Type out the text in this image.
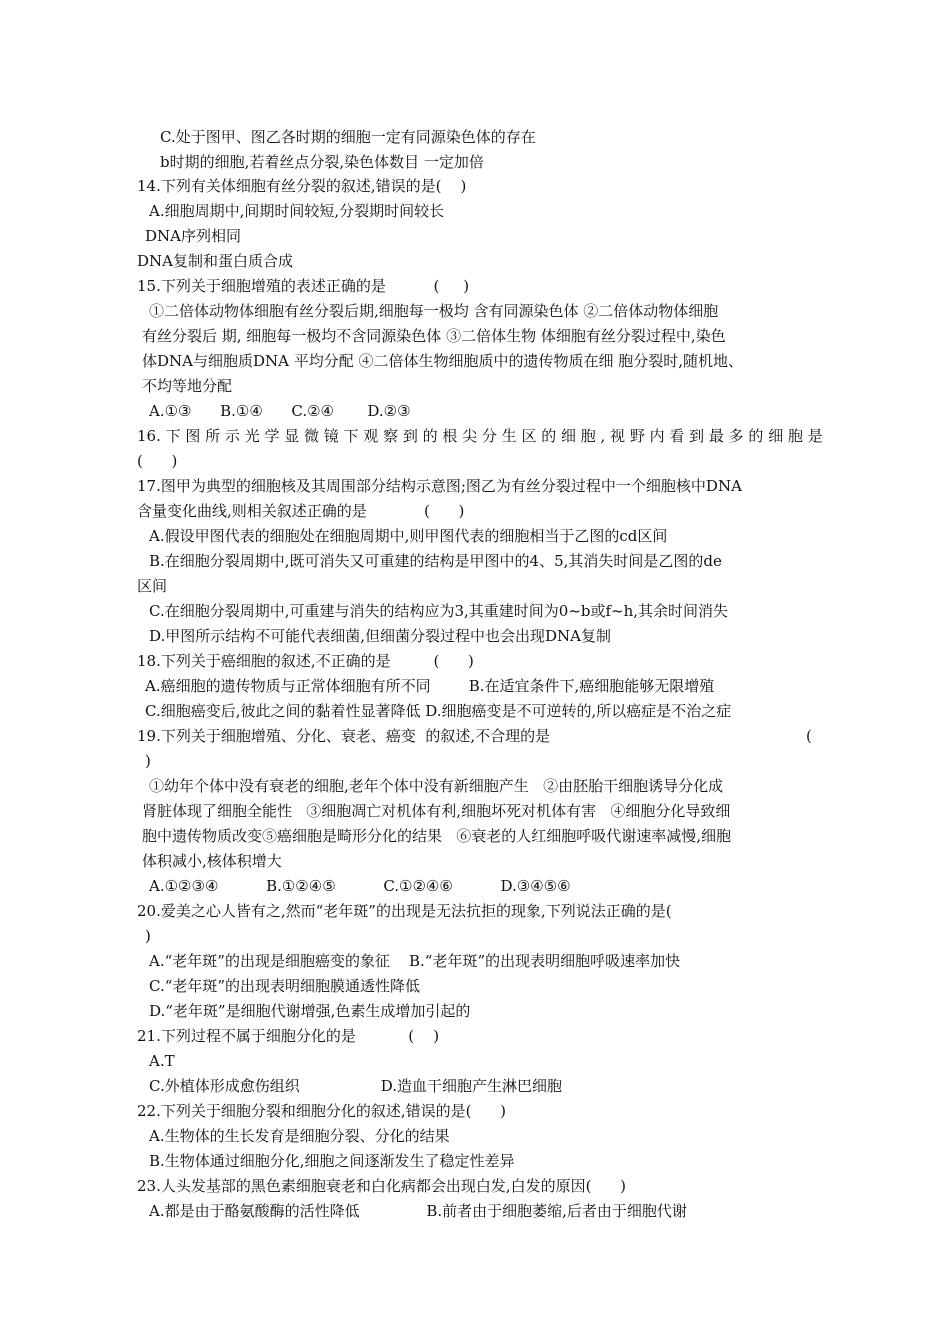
C.处于图甲、图乙各时期的细胞一定有同源染色体的存在
b时期的细胞,若着丝点分裂,染色体数目 一定加倍
14.下列有关体细胞有丝分裂的叙述,错误的是(    )
A.细胞周期中,间期时间较短,分裂期时间较长
DNA序列相同
DNA复制和蛋白质合成
15.下列关于细胞增殖的表述正确的是          (     )
①二倍体动物体细胞有丝分裂后期,细胞每一极均 含有同源染色体 ②二倍体动物体细胞
有丝分裂后 期, 细胞每一极均不含同源染色体 ③二倍体生物 体细胞有丝分裂过程中,染色
体DNA与细胞质DNA 平均分配 ④二倍体生物细胞质中的遗传物质在细 胞分裂时,随机地、
不均等地分配
A.①③      B.①④      C.②④       D.②③
16. 下 图 所 示 光 学 显 微 镜 下 观 察 到 的 根 尖 分 生 区 的 细 胞 , 视 野 内 看 到 最 多 的 细 胞 是
(      )
17.图甲为典型的细胞核及其周围部分结构示意图;图乙为有丝分裂过程中一个细胞核中DNA
含量变化曲线,则相关叙述正确的是            (      )
A.假设甲图代表的细胞处在细胞周期中,则甲图代表的细胞相当于乙图的cd区间
B.在细胞分裂周期中,既可消失又可重建的结构是甲图中的4、5,其消失时间是乙图的de
区间
C.在细胞分裂周期中,可重建与消失的结构应为3,其重建时间为0~b或f~h,其余时间消失
D.甲图所示结构不可能代表细菌,但细菌分裂过程中也会出现DNA复制
18.下列关于癌细胞的叙述,不正确的是         (      )
A.癌细胞的遗传物质与正常体细胞有所不同        B.在适宜条件下,癌细胞能够无限增殖
C.细胞癌变后,彼此之间的黏着性显著降低 D.细胞癌变是不可逆转的,所以癌症是不治之症
19.下列关于细胞增殖、分化、衰老、癌变  的叙述,不合理的是	(
)
①幼年个体中没有衰老的细胞,老年个体中没有新细胞产生   ②由胚胎干细胞诱导分化成
肾脏体现了细胞全能性   ③细胞凋亡对机体有利,细胞坏死对机体有害   ④细胞分化导致细
胞中遗传物质改变⑤癌细胞是畸形分化的结果   ⑥衰老的人红细胞呼吸代谢速率减慢,细胞
体积减小,核体积增大
A.①②③④          B.①②④⑤          C.①②④⑥          D.③④⑤⑥
20.爱美之心人皆有之,然而“老年斑”的出现是无法抗拒的现象,下列说法正确的是(
)
A.“老年斑”的出现是细胞癌变的象征    B.“老年斑”的出现表明细胞呼吸速率加快
C.“老年斑”的出现表明细胞膜通透性降低
D.“老年斑”是细胞代谢增强,色素生成增加引起的
21.下列过程不属于细胞分化的是           (    )
A.T
C.外植体形成愈伤组织                 D.造血干细胞产生淋巴细胞
22.下列关于细胞分裂和细胞分化的叙述,错误的是(      )
A.生物体的生长发育是细胞分裂、分化的结果
B.生物体通过细胞分化,细胞之间逐渐发生了稳定性差异
23.人头发基部的黑色素细胞衰老和白化病都会出现白发,白发的原因(      )
A.都是由于酪氨酸酶的活性降低              B.前者由于细胞萎缩,后者由于细胞代谢
